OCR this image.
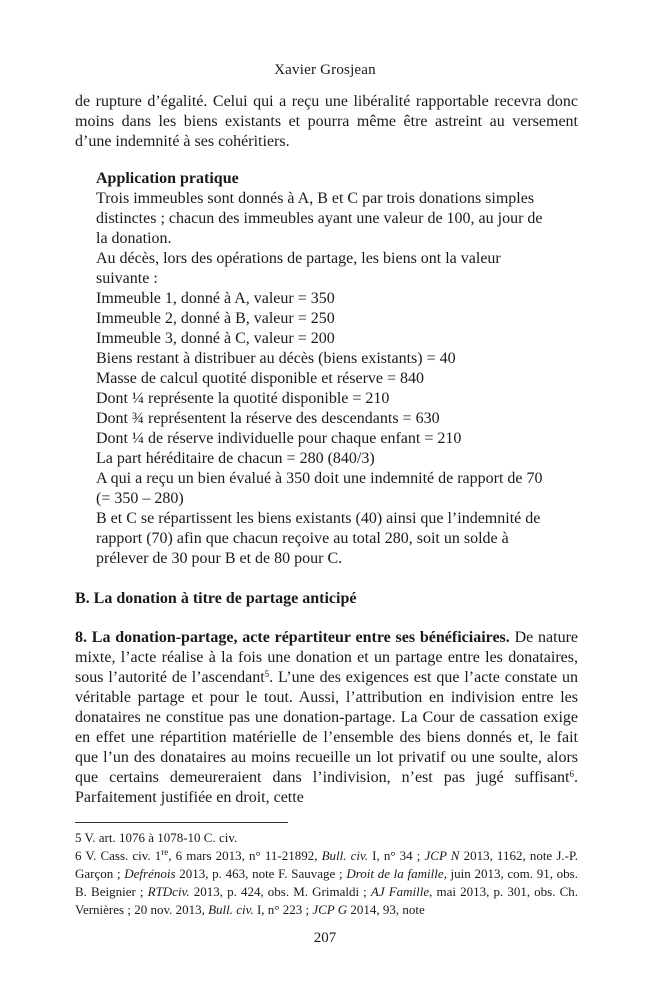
Xavier Grosjean

de rupture d’égalité. Celui qui a reçu une libéralité rapportable recevra donc moins dans les biens existants et pourra même être astreint au versement d’une indemnité à ses cohéritiers.

Application pratique
Trois immeubles sont donnés à A, B et C par trois donations simples
distinctes ; chacun des immeubles ayant une valeur de 100, au jour de
la donation.
Au décès, lors des opérations de partage, les biens ont la valeur
suivante :
Immeuble 1, donné à A, valeur = 350
Immeuble 2, donné à B, valeur = 250
Immeuble 3, donné à C, valeur = 200
Biens restant à distribuer au décès (biens existants) = 40
Masse de calcul quotité disponible et réserve = 840
Dont ¼ représente la quotité disponible = 210
Dont ¾ représentent la réserve des descendants = 630
Dont ¼ de réserve individuelle pour chaque enfant = 210
La part héréditaire de chacun = 280 (840/3)
A qui a reçu un bien évalué à 350 doit une indemnité de rapport de 70
(= 350 – 280)
B et C se répartissent les biens existants (40) ainsi que l’indemnité de
rapport (70) afin que chacun reçoive au total 280, soit un solde à
prélever de 30 pour B et de 80 pour C.
B. La donation à titre de partage anticipé

8. La donation-partage, acte répartiteur entre ses bénéficiaires. De nature mixte, l’acte réalise à la fois une donation et un partage entre les donataires, sous l’autorité de l’ascendant$^5$. L’une des exigences est que l’acte constate un véritable partage et pour le tout. Aussi, l’attribution en indivision entre les donataires ne constitue pas une donation-partage. La Cour de cassation exige en effet une répartition matérielle de l’ensemble des biens donnés et, le fait que l’un des donataires au moins recueille un lot privatif ou une soulte, alors que certains demeureraient dans l’indivision, n’est pas jugé suffisant$^6$. Parfaitement justifiée en droit, cette

5 V. art. 1076 à 1078-10 C. civ.

6 V. Cass. civ. 1re, 6 mars 2013, n° 11-21892, Bull. civ. I, n° 34 ; JCP N 2013, 1162, note J.-P. Garçon ; Defrénois 2013, p. 463, note F. Sauvage ; Droit de la famille, juin 2013, com. 91, obs. B. Beignier ; RTDciv. 2013, p. 424, obs. M. Grimaldi ; AJ Famille, mai 2013, p. 301, obs. Ch. Vernières ; 20 nov. 2013, Bull. civ. I, n° 223 ; JCP G 2014, 93, note

207
